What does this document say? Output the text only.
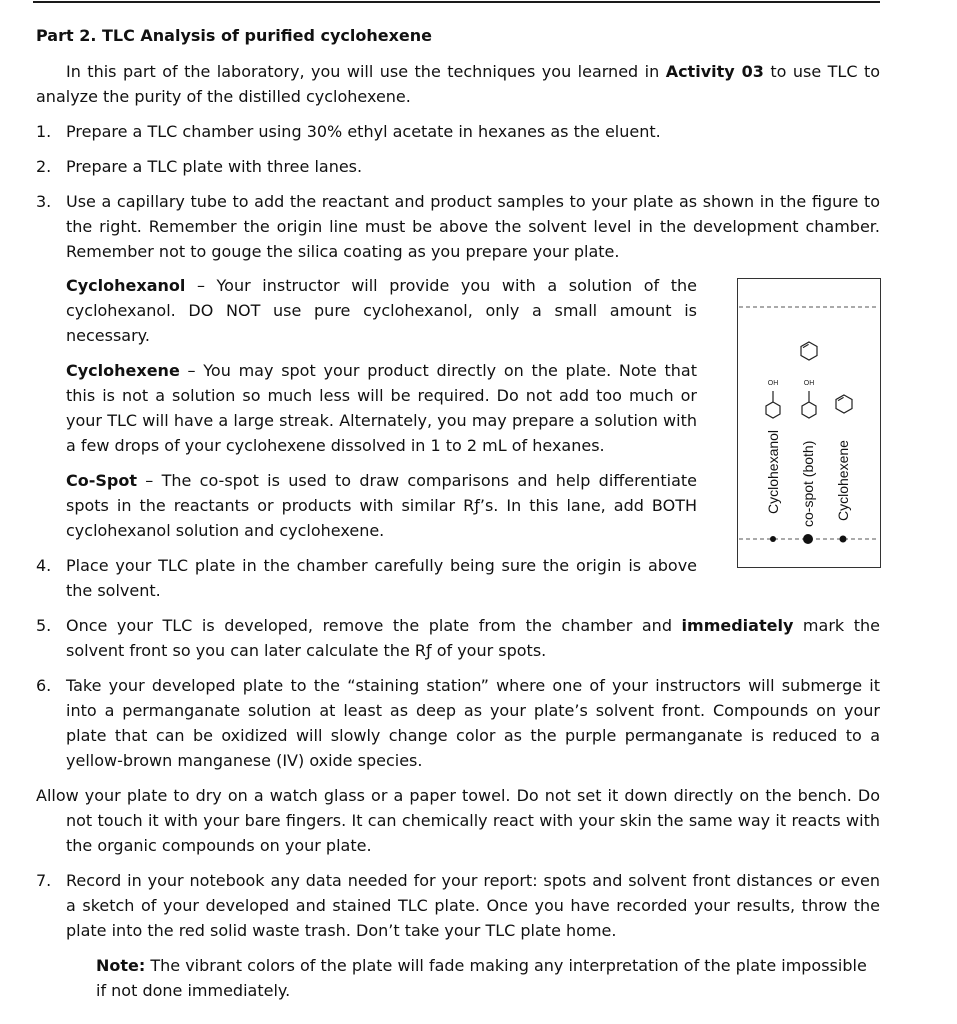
Part 2. TLC Analysis of purified cyclohexene

In this part of the laboratory, you will use the techniques you learned in Activity 03 to use TLC to analyze the purity of the distilled cyclohexene.

1. Prepare a TLC chamber using 30% ethyl acetate in hexanes as the eluent.

2. Prepare a TLC plate with three lanes.

3. Use a capillary tube to add the reactant and product samples to your plate as shown in the figure to the right. Remember the origin line must be above the solvent level in the development chamber. Remember not to gouge the silica coating as you prepare your plate.

Cyclohexanol – Your instructor will provide you with a solution of the cyclohexanol. DO NOT use pure cyclohexanol, only a small amount is necessary.

Cyclohexene – You may spot your product directly on the plate. Note that this is not a solution so much less will be required. Do not add too much or your TLC will have a large streak. Alternately, you may prepare a solution with a few drops of your cyclohexene dissolved in 1 to 2 mL of hexanes.

Co-Spot – The co-spot is used to draw comparisons and help differentiate spots in the reactants or products with similar Rƒ’s. In this lane, add BOTH cyclohexanol solution and cyclohexene.

4. Place your TLC plate in the chamber carefully being sure the origin is above the solvent.

5. Once your TLC is developed, remove the plate from the chamber and immediately mark the solvent front so you can later calculate the Rƒ of your spots.

6. Take your developed plate to the “staining station” where one of your instructors will submerge it into a permanganate solution at least as deep as your plate’s solvent front. Compounds on your plate that can be oxidized will slowly change color as the purple permanganate is reduced to a yellow-brown manganese (IV) oxide species.

Allow your plate to dry on a watch glass or a paper towel. Do not set it down directly on the bench. Do not touch it with your bare fingers. It can chemically react with your skin the same way it reacts with the organic compounds on your plate.

7. Record in your notebook any data needed for your report: spots and solvent front distances or even a sketch of your developed and stained TLC plate. Once you have recorded your results, throw the plate into the red solid waste trash. Don’t take your TLC plate home.

Note: The vibrant colors of the plate will fade making any interpretation of the plate impossible if not done immediately.

Cyclohexanol co-spot (both) Cyclohexene
OH	OH
